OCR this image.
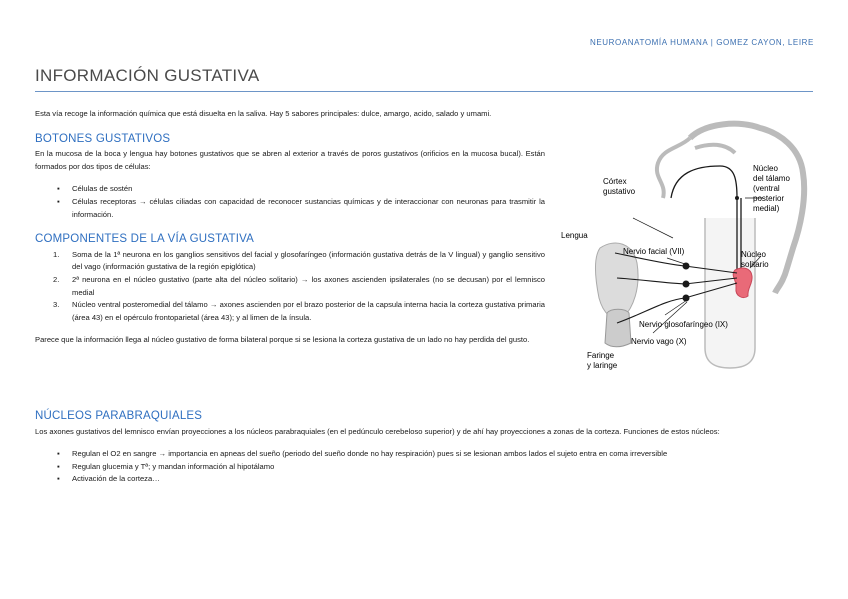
NEUROANATOMÍA HUMANA | GOMEZ CAYON, LEIRE
INFORMACIÓN GUSTATIVA

Esta vía recoge la información química que está disuelta en la saliva. Hay 5 sabores principales: dulce, amargo, acido, salado y umami.

BOTONES GUSTATIVOS

En la mucosa de la boca y lengua hay botones gustativos que se abren al exterior a través de poros gustativos (orificios en la mucosa bucal). Están formados por dos tipos de células:

▪ Células de sostén
▪ Células receptoras → células ciliadas con capacidad de reconocer sustancias químicas y de interaccionar con neuronas para trasmitir la información.
COMPONENTES DE LA VÍA GUSTATIVA
1. Soma de la 1ª neurona en los ganglios sensitivos del facial y glosofaríngeo (información gustativa detrás de la V lingual) y ganglio sensitivo del vago (información gustativa de la región epiglótica)
2. 2ª neurona en el núcleo gustativo (parte alta del núcleo solitario) → los axones ascienden ipsilaterales (no se decusan) por el lemnisco medial
3. Núcleo ventral posteromedial del tálamo → axones ascienden por el brazo posterior de la capsula interna hacia la corteza gustativa primaria (área 43) en el opérculo frontoparietal (área 43); y al limen de la ínsula.

Parece que la información llega al núcleo gustativo de forma bilateral porque si se lesiona la corteza gustativa de un lado no hay perdida del gusto.

NÚCLEOS PARABRAQUIALES

Los axones gustativos del lemnisco envían proyecciones a los núcleos parabraquiales (en el pedúnculo cerebeloso superior) y de ahí hay proyecciones a zonas de la corteza. Funciones de estos núcleos:

▪ Regulan el O2 en sangre → importancia en apneas del sueño (periodo del sueño donde no hay respiración) pues si se lesionan ambos lados el sujeto entra en coma irreversible
▪ Regulan glucemia y Tª; y mandan información al hipotálamo
▪ Activación de la corteza…
Córtex gustativo
Núcleo del tálamo (ventral posterior medial)
Lengua
Nervio facial (VII)	Núcleo solitario
Nervio glosofaríngeo (IX)
Nervio vago (X)
Faringe y laringe
